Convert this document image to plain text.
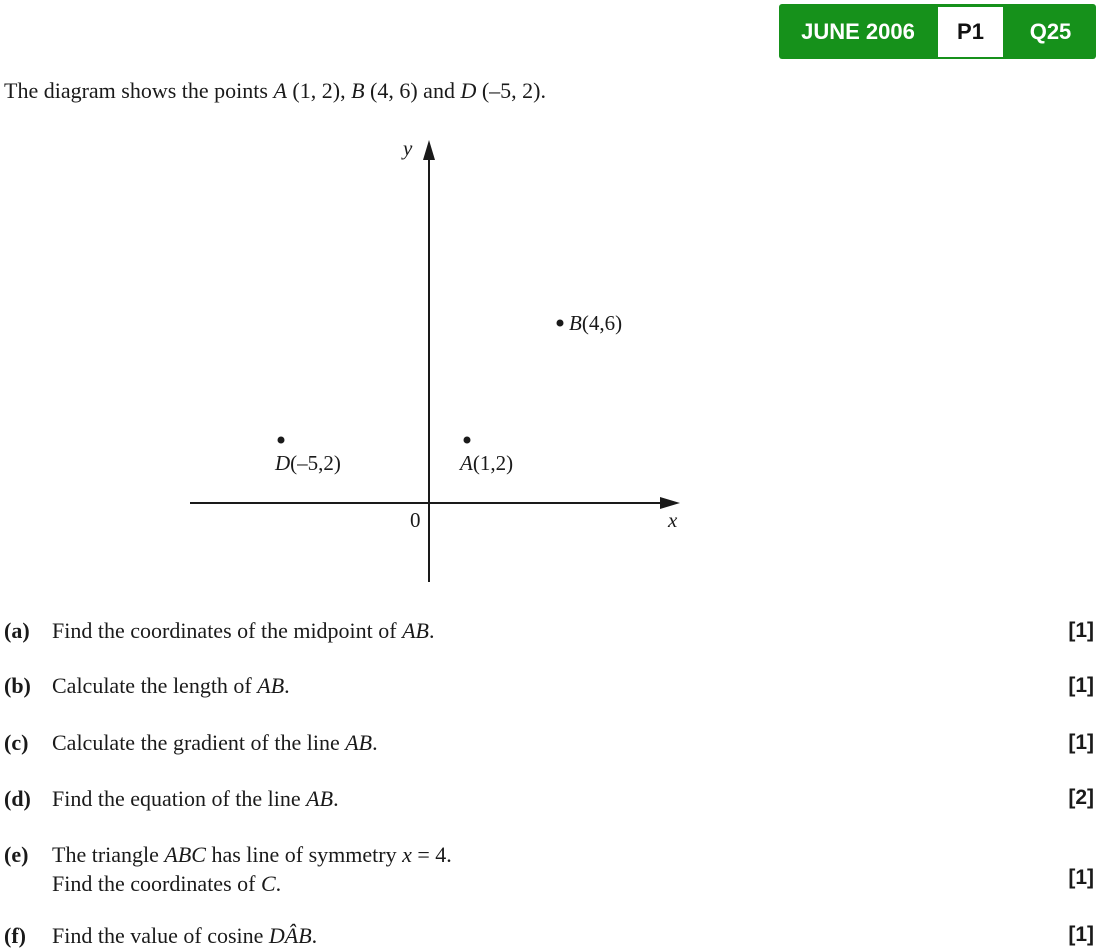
JUNE 2006	P1	Q25
The diagram shows the points A (1, 2), B (4, 6) and D (–5, 2).
y
x
0
B(4,6)
D(–5,2)	A(1,2)
(a) Find the coordinates of the midpoint of AB.	[1]
(b) Calculate the length of AB.	[1]
(c) Calculate the gradient of the line AB.	[1]
(d) Find the equation of the line AB.	[2]
(e) The triangle ABC has line of symmetry x = 4.
Find the coordinates of C.	[1]
(f) Find the value of cosine DÂB.	[1]
